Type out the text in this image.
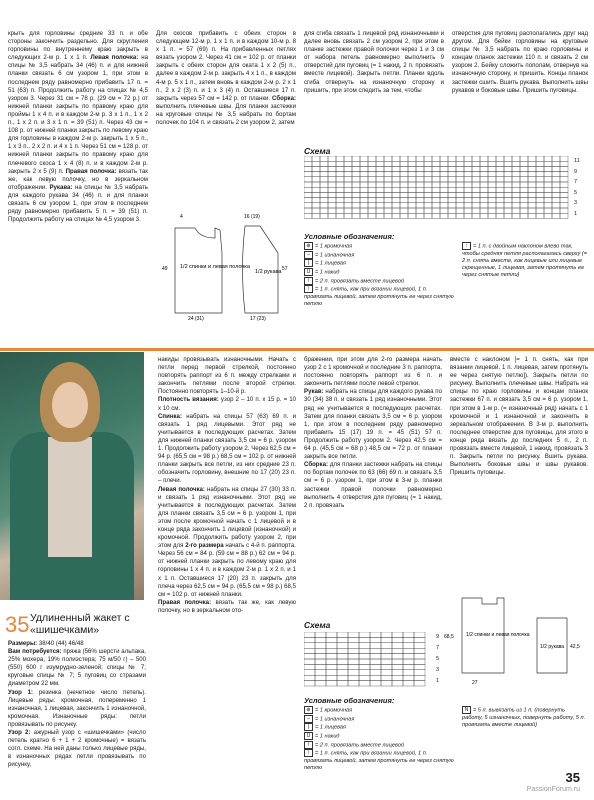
крыть для горловины средние 33 п. и обе стороны закончить раздельно. Для скругления горловины по внутреннему краю закрыть в следующих 2-м р. 1 х 1 п. Левая полочка: на спицы № 3,5 набрать 34 (46) п. и для нижней планки связать 6 см узором 1, при этом в последнем ряду равномерно прибавить 17 п. = 51 (63) п. Продолжить работу на спицах № 4,5 узором 3. Через 31 см = 78 р. (29 см = 72 р.) от нижней планки закрыть по правому краю для проймы 1 x 4 п. и в каждом 2-м р. 3 x 1 п., 1 x 2 п., 1 x 2 п. и 3 x 1 п. = 39 (51) п. Через 43 см = 108 р. от нижней планки закрыть по левому краю для горловины в каждом 2-м р. закрыть 1 х 5 п., 1 х 3 п., 2 х 2 п. и 4 х 1 п. Через 51 см = 128 р. от нижней планки закрыть по правому краю для плечевого скоса 1 х 4 (8) п. и в каждом 2-м р. закрыть 2 x 5 (9) п. Правая полочка: вязать так же, как левую полочку, но в зеркальном отображении. Рукава: на спицы № 3,5 набрать для каждого рукава 34 (46) п. и для планки связать 6 см узором 1, при этом в последнем ряду равномерно прибавить 5 п. = 39 (51) п. Продолжить работу на спицах № 4,5 узором 3.
Для скосов прибавить с обеих сторон в следующем 12-м р. 1 х 1 п. и в каждом 10-м р. 8 х 1 п. = 57 (69) п. На прибавленных петлях вязать узором 2. Через 41 см = 102 р. от планки закрыть с обеих сторон для оката 1 х 2 (5) п., далее в каждом 2-м р. закрыть 4 х 1 п., в каждом 4-м р. 5 х 1 п., затем вновь в каждом 2-м р. 2 х 1 п., 2 х 2 (3) п. и 1 х 3 (4) п. Оставшиеся 17 п. закрыть через 57 см = 142 р. от планки. Сборка: выполнить плечевые швы. Для планки застежки на круговые спицы № 3,5 набрать по бортам полочек по 104 п. и связать 2 см узором 2, затем
для сгиба связать 1 лицевой ряд изнаночными и далее вновь связать 2 см узором 2, при этом в планке застежки правой полочки через 1 и 3 см от набора петель равномерно выполнить 9 отверстий для пуговиц (= 1 накид, 2 п. провязать вместе лицевой). Закрыть петли. Планки вдоль сгиба отвернуть на изнаночную сторону и пришить, при этом следить за тем, чтобы
отверстия для пуговиц располагались друг над другом. Для бейки горловины на круговые спицы № 3,5 набрать по краю горловины и концам планок застежки 110 п. и связать 2 см узором 2. Бейку сложить пополам, отвернув на изнаночную сторону, и пришить. Концы планок застежки сшить. Вшить рукава. Выполнить швы рукавов и боковые швы. Пришить пуговицы.
1/2 спинки и левая полочка
1/2 рукава
4	16 (19)
49	57
24 (31)	17 (23)
Схема
11
9
7
5
3
1
Условные обозначения:
⊕ = 1 кромочная
– = 1 изнаночная
| = 1 лицевая
U = 1 накид
/ = 2 п. провязать вместе лицевой
\ = 1 п. снять, как при вязании лицевой, 1 п. провязать лицевой, затем протянуть ее через снятую петлю
↑ = 1 п. с двойным наклоном влево так, чтобы средняя петля располагалась сверху (= 2 п. снять вместе, как лицевые или лицевые скрещенные, 1 лицевая, затем протянуть ее через снятые петли)
35 Удлиненный жакет с «шишечками»
Размеры: 38/40 (44) 46/48
Вам потребуется: пряжа (56% шерсти альпака, 25% мохера, 19% полиэстера; 75 м/50 г) – 500 (550) 600 г изумрудно-зеленой; спицы № 7; круговые спицы № 7; 5 пуговиц со стразами диаметром 22 мм.
Узор 1: резинка (нечетное число петель). Лицевые ряды: кромочная, попеременно 1 изнаночная, 1 лицевая, закончить 1 изнаночной, кромочная. Изнаночные ряды: петли провязывать по рисунку.
Узор 2: ажурный узор с «шишечками» (число петель кратно 6 + 1 + 2 кромочные) = вязать согл. схеме. На ней даны только лицевые ряды, в изнаночных рядах петли провязывать по рисунку,
накиды провязывать изнаночными. Начать с петли перед первой стрелкой, постоянно повторять раппорт из 6 п. между стрелками и закончить петлями после второй стрелки. Постоянно повторять 1–10-й р.
Плотность вязания: узор 2 – 10 п. x 15 р. = 10 x 10 см.
Спинка: набрать на спицы 57 (63) 69 п. и связать 1 ряд лицевыми. Этот ряд не учитывается в последующих расчетах. Затем для нижней планки связать 3,5 см = 6 р. узором 1. Продолжить работу узором 2. Через 62,5 см = 94 р. (65,5 см = 98 р.) 68,5 см = 102 р. от нижней планки закрыть все петли, из них средние 23 п. обозначить горловину, внешние по 17 (20) 23 п. – плечи.
Левая полочка: набрать на спицы 27 (30) 33 п. и связать 1 ряд изнаночными. Этот ряд не учитывается в последующих расчетах. Затем для планки связать 3,5 см = 6 р. узором 1, при этом после кромочной начать с 1 лицевой и в конце ряда закончить 1 лицевой (изнаночной) и кромочной. Продолжить работу узором 2, при этом для 2-го размера начать с 4-й п. раппорта. Через 56 см = 84 р. (59 см = 88 р.) 62 см = 94 р. от нижней планки закрыть по левому краю для горловины 1 x 4 п. и в каждом 2-м р. 1 х 2 п. и 1 х 1 п. Оставшиеся 17 (20) 23 п. закрыть для плеча через 62,5 см = 94 р. (65,5 см = 98 р.) 68,5 см = 102 р. от нижней планки.
Правая полочка: вязать так же, как левую полочку, но в зеркальном ото-
бражении, при этом для 2-го размера начать узор 2 с 1 кромочной и последние 3 п. раппорта, постоянно повторять раппорт из 6 п. и закончить петлями после левой стрелки.
Рукав: набрать на спицы для каждого рукава по 30 (34) 38 п. и связать 1 ряд изнаночными. Этот ряд не учитывается в последующих расчетах. Затем для планки связать 3,5 см = 6 р. узором 1, при этом в последнем ряду равномерно прибавить 15 (17) 19 п. = 45 (51) 57 п. Продолжить работу узором 2. Через 42,5 см = 64 р. (45,5 см = 68 р.) 48,5 см = 72 р. от планки закрыть все петли.
Сборка: для планки застежки набрать на спицы по бортам полочек по 63 (66) 69 п. и связать 3,5 см = 6 р. узором 1, при этом в 3-м р. планки застежки правой полочки равномерно выполнить 4 отверстия для пуговиц (= 1 накид, 2 п. провязать
вместе с наклоном [= 1 п. снять, как при вязании лицевой, 1 п. лицевая, затем протянуть ее через снятую петлю]). Закрыть петли по рисунку. Выполнить плечевые швы. Набрать на спицы по краю горловины и концам планок застежки 67 п. и связать 3,5 см = 6 р. узором 1, при этом в 1-м р. (= изнаночный ряд) начать с 1 кромочной и 1 изнаночной и закончить в зеркальном отображении. В 3-м р. выполнить последнее отверстие для пуговицы, для этого в конце ряда вязать до последних 5 п., 2 п. провязать вместе лицевой, 1 накид, провязать 3 п. Закрыть петли по рисунку. Вшить рукава. Выполнить боковые швы и швы рукавов. Пришить пуговицы.
1/2 спинки и левая полочка
1/2 рукава
68,5
42,5
27
Схема
9
7
5
3
1
Условные обозначения:
⊕ = 1 кромочная
– = 1 изнаночная
| = 1 лицевая
U = 1 накид
/ = 2 п. провязать вместе лицевой
\ = 1 п. снять, как при вязании лицевой, 1 п. провязать лицевой, затем протянуть ее через снятую петлю
N = 5 п. вывязать из 1 п. (повернуть работу, 5 изнаночных, повернуть работу, 5 п. провязать вместе лицевой)
35
PassionForum.ru
